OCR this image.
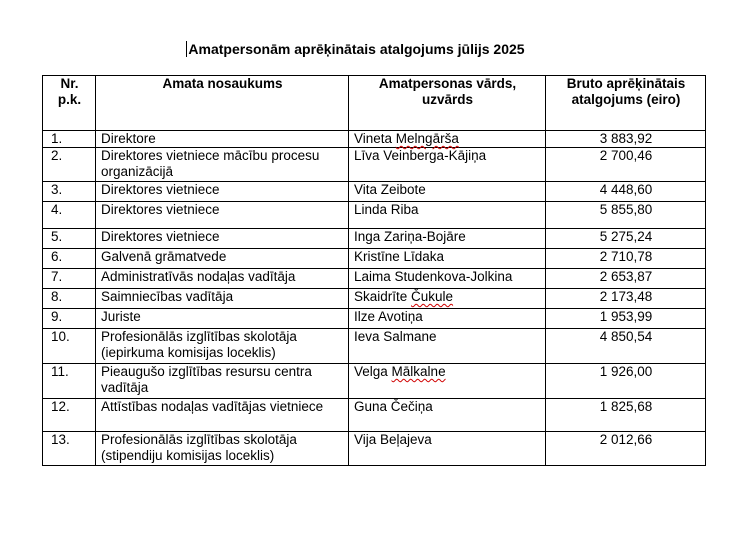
Amatpersonām aprēķinātais atalgojums jūlijs 2025
Nr. p.k.	Amata nosaukums	Amatpersonas vārds, uzvārds	Bruto aprēķinātais atalgojums (eiro)
1.	Direktore	Vineta Melngārša	3 883,92
2.	Direktores vietniece mācību procesu organizācijā	Līva Veinberga-Kājiņa	2 700,46
3.	Direktores vietniece	Vita Zeibote	4 448,60
4.	Direktores vietniece	Linda Riba	5 855,80
5.	Direktores vietniece	Inga Zariņa-Bojāre	5 275,24
6.	Galvenā grāmatvede	Kristīne Līdaka	2 710,78
7.	Administratīvās nodaļas vadītāja	Laima Studenkova-Jolkina	2 653,87
8.	Saimniecības vadītāja	Skaidrīte Čukule	2 173,48
9.	Juriste	Ilze Avotiņa	1 953,99
10.	Profesionālās izglītības skolotāja (iepirkuma komisijas loceklis)	Ieva Salmane	4 850,54
11.	Pieaugušo izglītības resursu centra vadītāja	Velga Mālkalne	1 926,00
12.	Attīstības nodaļas vadītājas vietniece	Guna Čečiņa	1 825,68
13.	Profesionālās izglītības skolotāja (stipendiju komisijas loceklis)	Vija Beļajeva	2 012,66
